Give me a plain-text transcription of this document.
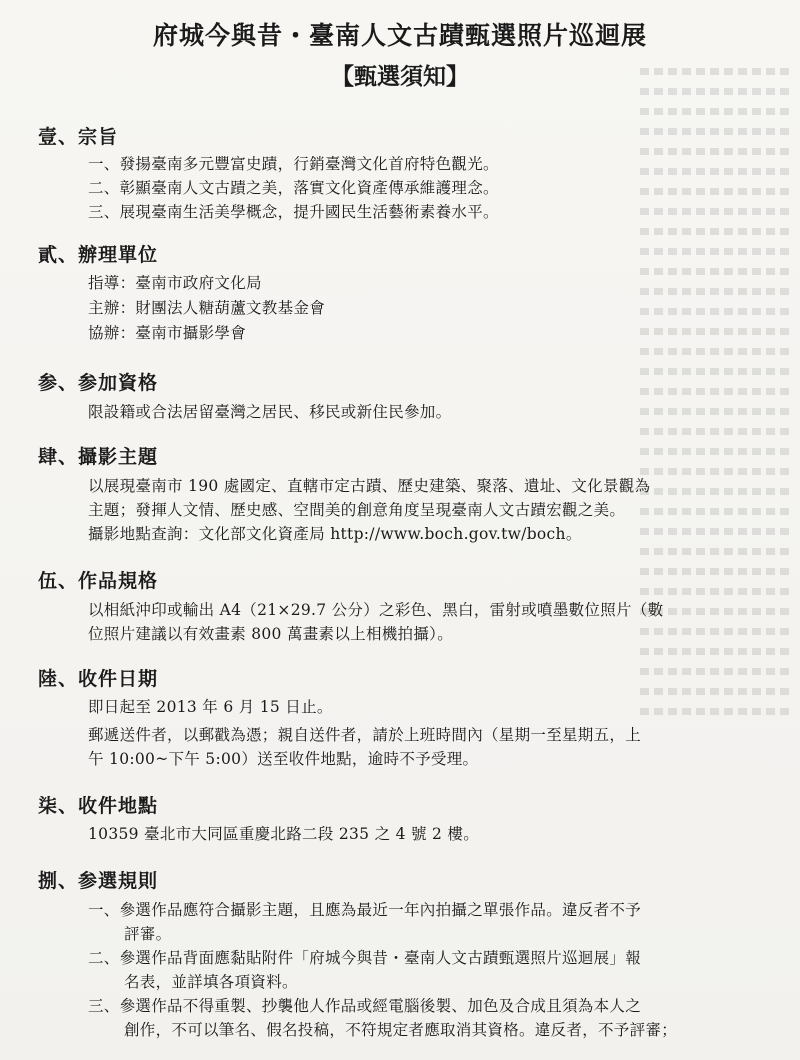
府城今與昔・臺南人文古蹟甄選照片巡迴展
【甄選須知】
壹、宗旨
一、發揚臺南多元豐富史蹟，行銷臺灣文化首府特色觀光。
二、彰顯臺南人文古蹟之美，落實文化資產傳承維護理念。
三、展現臺南生活美學概念，提升國民生活藝術素養水平。
貳、辦理單位
指導：臺南市政府文化局
主辦：財團法人糖葫蘆文教基金會
協辦：臺南市攝影學會
参、参加資格
限設籍或合法居留臺灣之居民、移民或新住民參加。
肆、攝影主題
以展現臺南市 190 處國定、直轄市定古蹟、歷史建築、聚落、遺址、文化景觀為
主題；發揮人文情、歷史感、空間美的創意角度呈現臺南人文古蹟宏觀之美。
攝影地點查詢：文化部文化資產局 http://www.boch.gov.tw/boch。
伍、作品規格
以相紙沖印或輸出 A4（21×29.7 公分）之彩色、黑白，雷射或噴墨數位照片（數
位照片建議以有效畫素 800 萬畫素以上相機拍攝）。
陸、收件日期
即日起至 2013 年 6 月 15 日止。
郵遞送件者，以郵戳為憑；親自送件者，請於上班時間內（星期一至星期五，上
午 10:00~下午 5:00）送至收件地點，逾時不予受理。
柒、收件地點
10359 臺北市大同區重慶北路二段 235 之 4 號 2 樓。
捌、参選規則
一、參選作品應符合攝影主題，且應為最近一年內拍攝之單張作品。違反者不予
評審。
二、參選作品背面應黏貼附件「府城今與昔・臺南人文古蹟甄選照片巡迴展」報
名表，並詳填各項資料。
三、參選作品不得重製、抄襲他人作品或經電腦後製、加色及合成且須為本人之
創作，不可以筆名、假名投稿，不符規定者應取消其資格。違反者，不予評審；
